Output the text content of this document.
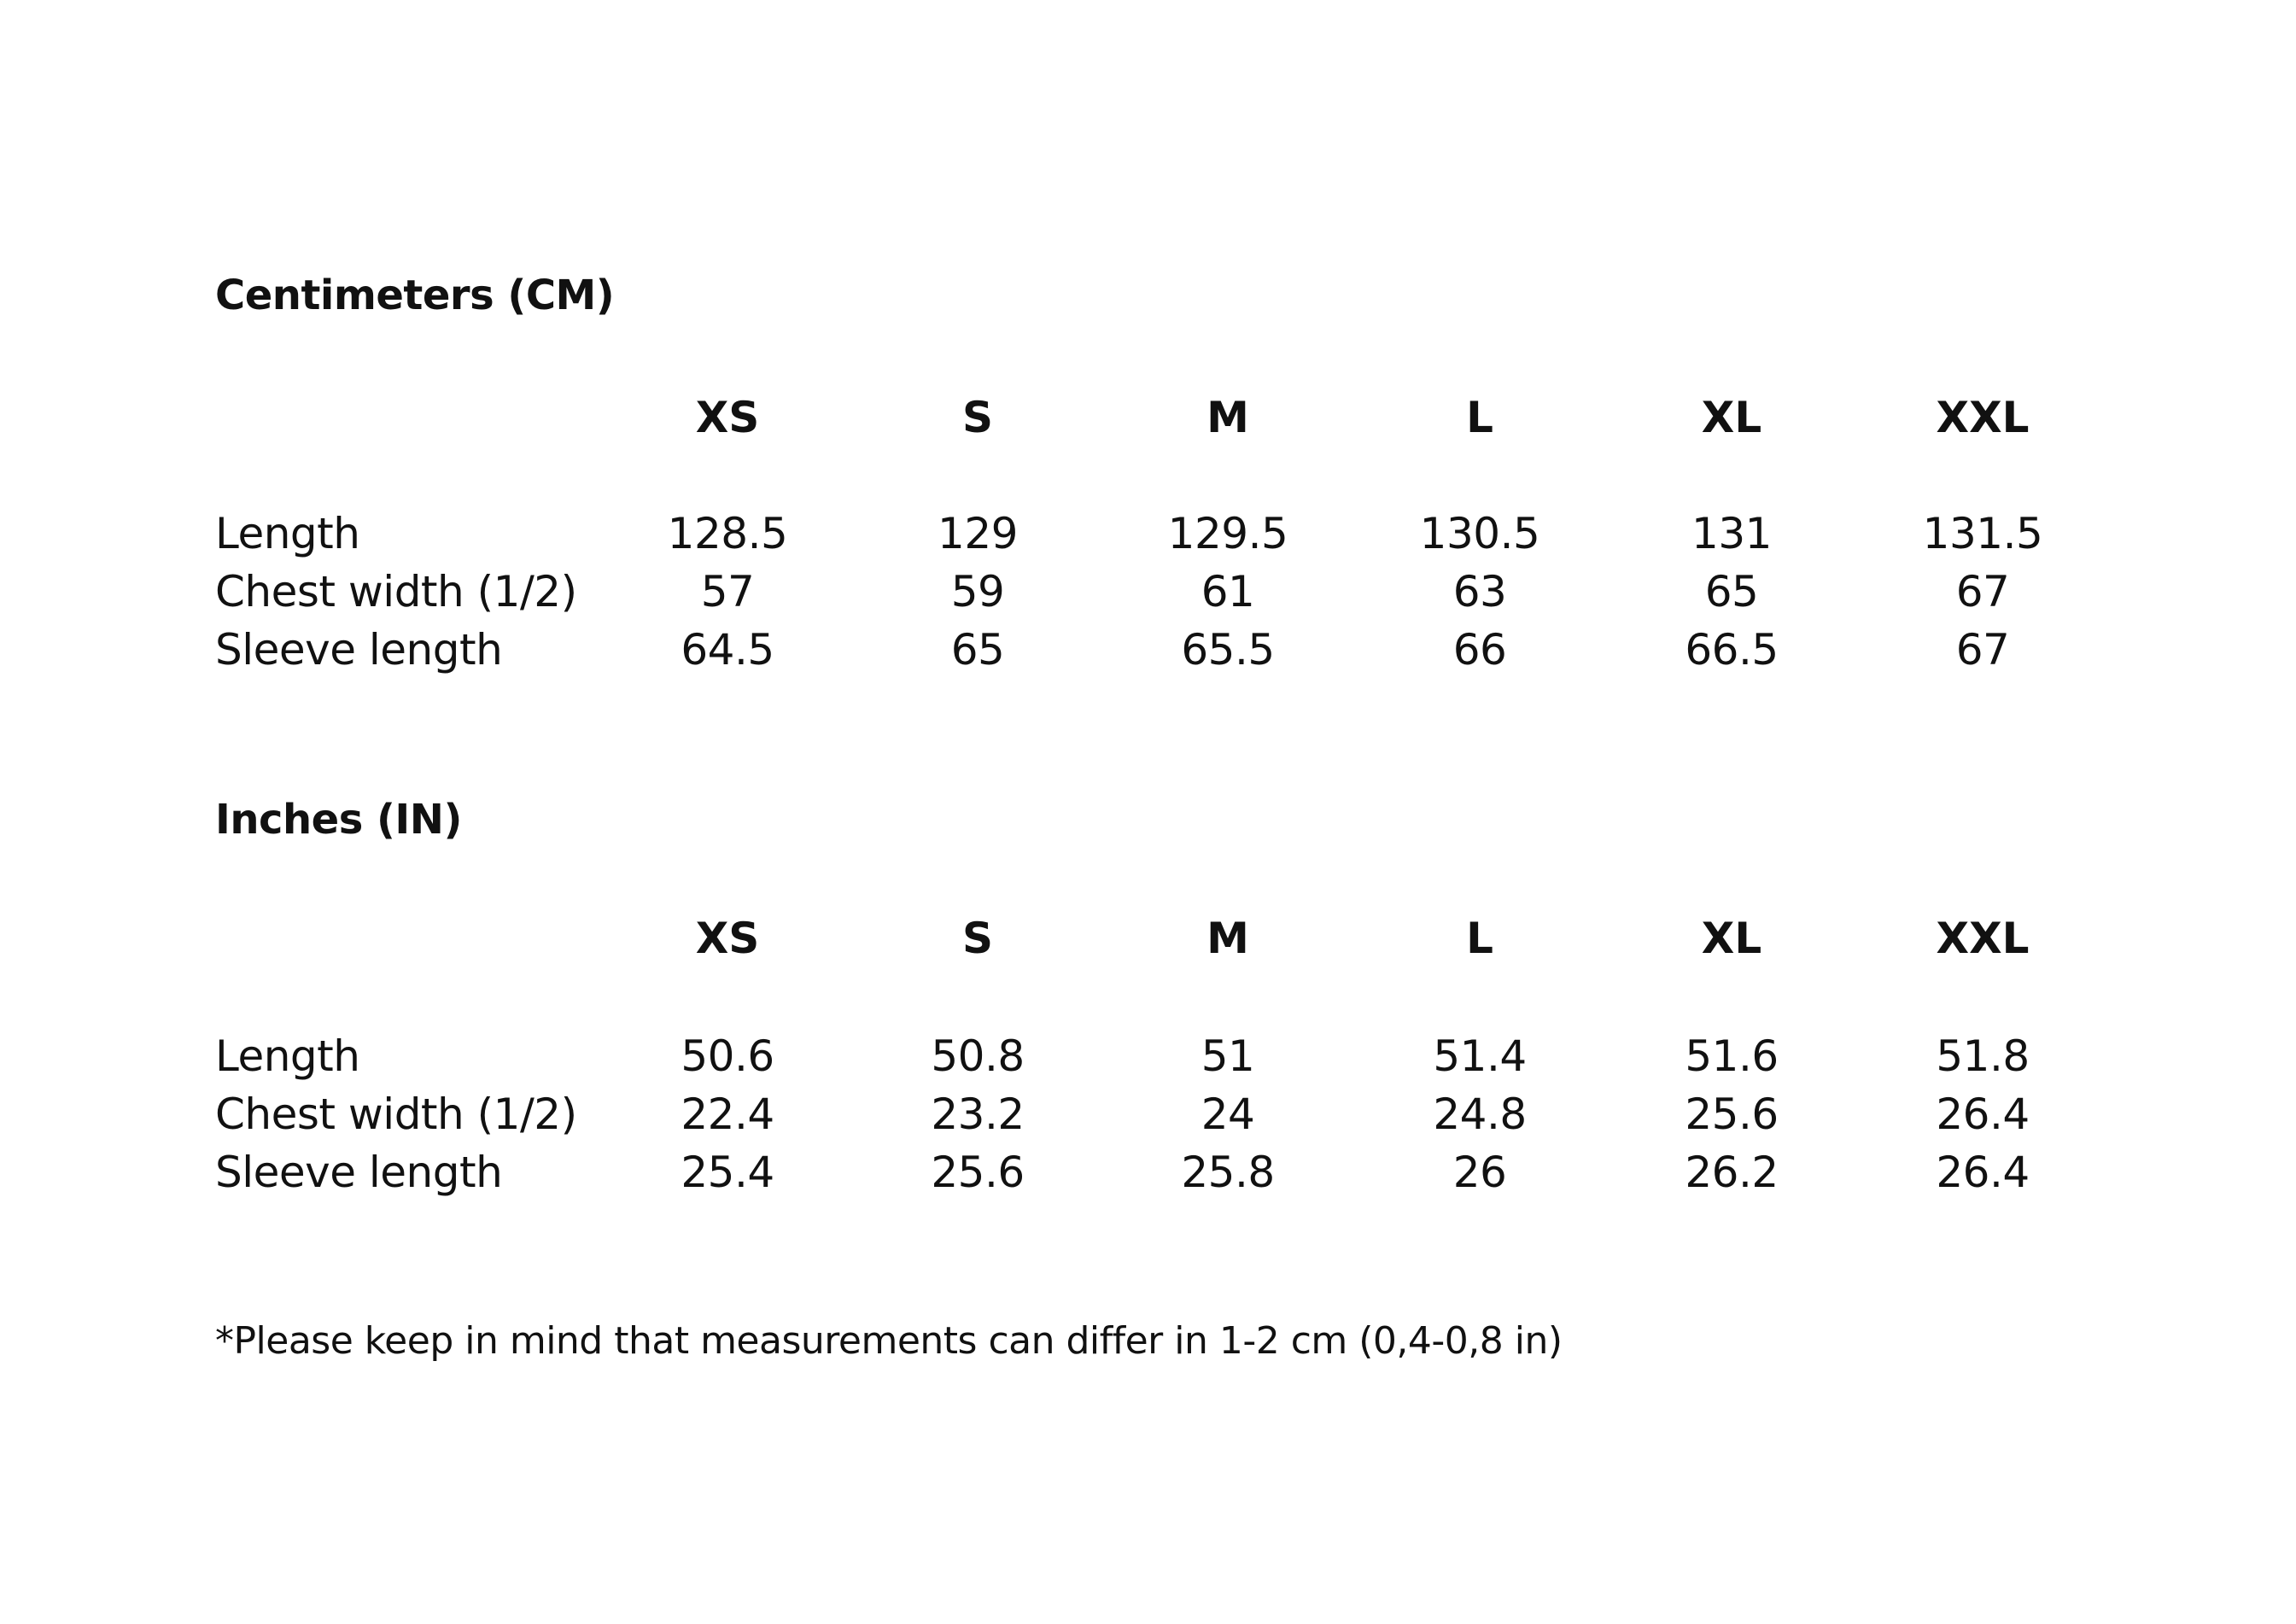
Centimeters (CM)
XS	S	M	L	XL	XXL
Length	128.5	129	129.5	130.5	131	131.5
Chest width (1/2)	57	59	61	63	65	67
Sleeve length	64.5	65	65.5	66	66.5	67
Inches (IN)
XS	S	M	L	XL	XXL
Length	50.6	50.8	51	51.4	51.6	51.8
Chest width (1/2) 22.4	23.2	24	24.8	25.6	26.4
Sleeve length	25.4	25.6	25.8	26	26.2	26.4
*Please keep in mind that measurements can differ in 1-2 cm (0,4-0,8 in)
